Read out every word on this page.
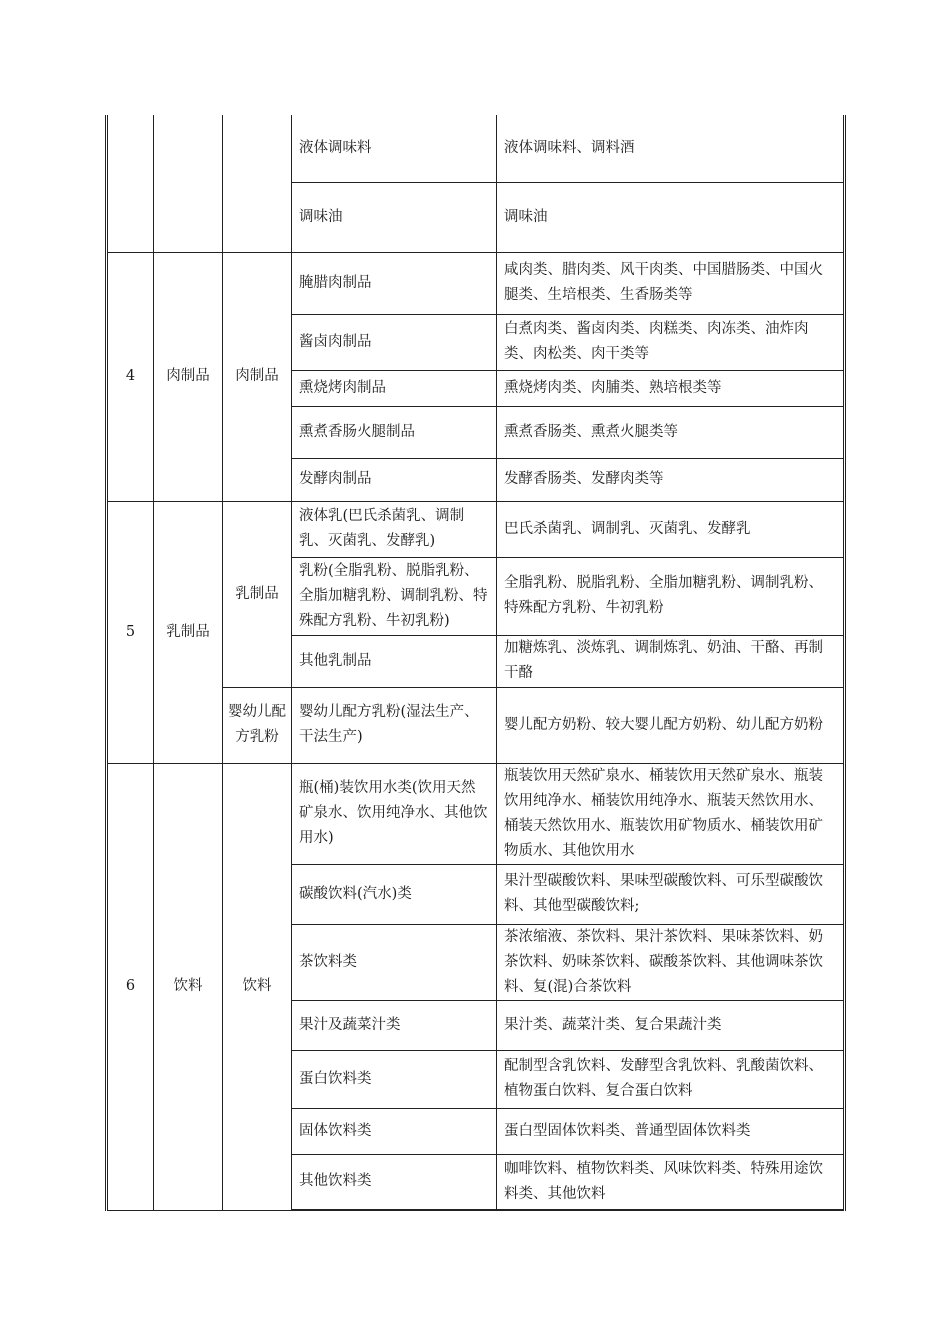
			液体调味料	液体调味料、调料酒
			调味油	调味油
4	肉制品	肉制品	腌腊肉制品	咸肉类、腊肉类、风干肉类、中国腊肠类、中国火腿类、生培根类、生香肠类等
			酱卤肉制品	白煮肉类、酱卤肉类、肉糕类、肉冻类、油炸肉类、肉松类、肉干类等
			熏烧烤肉制品	熏烧烤肉类、肉脯类、熟培根类等
			熏煮香肠火腿制品	熏煮香肠类、熏煮火腿类等
			发酵肉制品	发酵香肠类、发酵肉类等
5	乳制品	乳制品	液体乳(巴氏杀菌乳、调制乳、灭菌乳、发酵乳)	巴氏杀菌乳、调制乳、灭菌乳、发酵乳
			乳粉(全脂乳粉、脱脂乳粉、全脂加糖乳粉、调制乳粉、特殊配方乳粉、牛初乳粉)	全脂乳粉、脱脂乳粉、全脂加糖乳粉、调制乳粉、特殊配方乳粉、牛初乳粉
			其他乳制品	加糖炼乳、淡炼乳、调制炼乳、奶油、干酪、再制干酪
		婴幼儿配方乳粉	婴幼儿配方乳粉(湿法生产、干法生产)	婴儿配方奶粉、较大婴儿配方奶粉、幼儿配方奶粉
6	饮料	饮料	瓶(桶)装饮用水类(饮用天然矿泉水、饮用纯净水、其他饮用水)	瓶装饮用天然矿泉水、桶装饮用天然矿泉水、瓶装饮用纯净水、桶装饮用纯净水、瓶装天然饮用水、桶装天然饮用水、瓶装饮用矿物质水、桶装饮用矿物质水、其他饮用水
			碳酸饮料(汽水)类	果汁型碳酸饮料、果味型碳酸饮料、可乐型碳酸饮料、其他型碳酸饮料;
			茶饮料类	茶浓缩液、茶饮料、果汁茶饮料、果味茶饮料、奶茶饮料、奶味茶饮料、碳酸茶饮料、其他调味茶饮料、复(混)合茶饮料
			果汁及蔬菜汁类	果汁类、蔬菜汁类、复合果蔬汁类
			蛋白饮料类	配制型含乳饮料、发酵型含乳饮料、乳酸菌饮料、植物蛋白饮料、复合蛋白饮料
			固体饮料类	蛋白型固体饮料类、普通型固体饮料类
			其他饮料类	咖啡饮料、植物饮料类、风味饮料类、特殊用途饮料类、其他饮料
